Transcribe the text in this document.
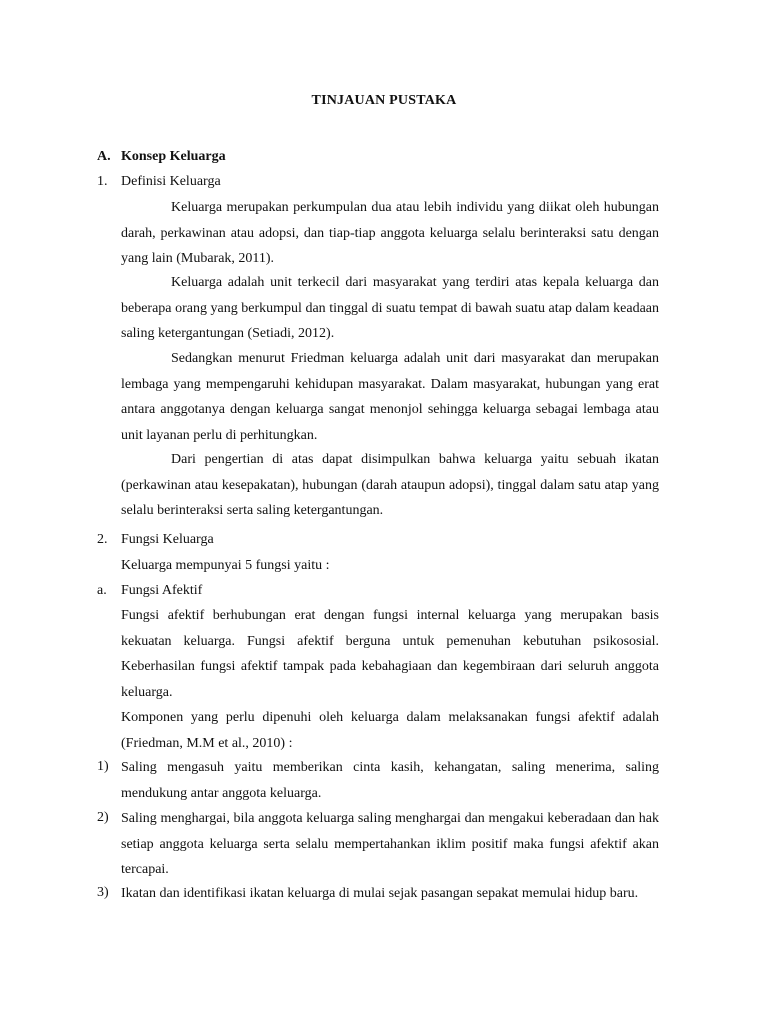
TINJAUAN PUSTAKA
A. Konsep Keluarga
1. Definisi Keluarga

Keluarga merupakan perkumpulan dua atau lebih individu yang diikat oleh hubungan darah, perkawinan atau adopsi, dan tiap-tiap anggota keluarga selalu berinteraksi satu dengan yang lain (Mubarak, 2011).

Keluarga adalah unit terkecil dari masyarakat yang terdiri atas kepala keluarga dan beberapa orang yang berkumpul dan tinggal di suatu tempat di bawah suatu atap dalam keadaan saling ketergantungan (Setiadi, 2012).

Sedangkan menurut Friedman keluarga adalah unit dari masyarakat dan merupakan lembaga yang mempengaruhi kehidupan masyarakat. Dalam masyarakat, hubungan yang erat antara anggotanya dengan keluarga sangat menonjol sehingga keluarga sebagai lembaga atau unit layanan perlu di perhitungkan.

Dari pengertian di atas dapat disimpulkan bahwa keluarga yaitu sebuah ikatan (perkawinan atau kesepakatan), hubungan (darah ataupun adopsi), tinggal dalam satu atap yang selalu berinteraksi serta saling ketergantungan.

2. Fungsi Keluarga
Keluarga mempunyai 5 fungsi yaitu :
a. Fungsi Afektif

Fungsi afektif berhubungan erat dengan fungsi internal keluarga yang merupakan basis kekuatan keluarga. Fungsi afektif berguna untuk pemenuhan kebutuhan psikososial. Keberhasilan fungsi afektif tampak pada kebahagiaan dan kegembiraan dari seluruh anggota keluarga.

Komponen yang perlu dipenuhi oleh keluarga dalam melaksanakan fungsi afektif adalah (Friedman, M.M et al., 2010) :

1) Saling mengasuh yaitu memberikan cinta kasih, kehangatan, saling menerima, saling mendukung antar anggota keluarga.
2) Saling menghargai, bila anggota keluarga saling menghargai dan mengakui keberadaan dan hak setiap anggota keluarga serta selalu mempertahankan iklim positif maka fungsi afektif akan tercapai.
3) Ikatan dan identifikasi ikatan keluarga di mulai sejak pasangan sepakat memulai hidup baru.
